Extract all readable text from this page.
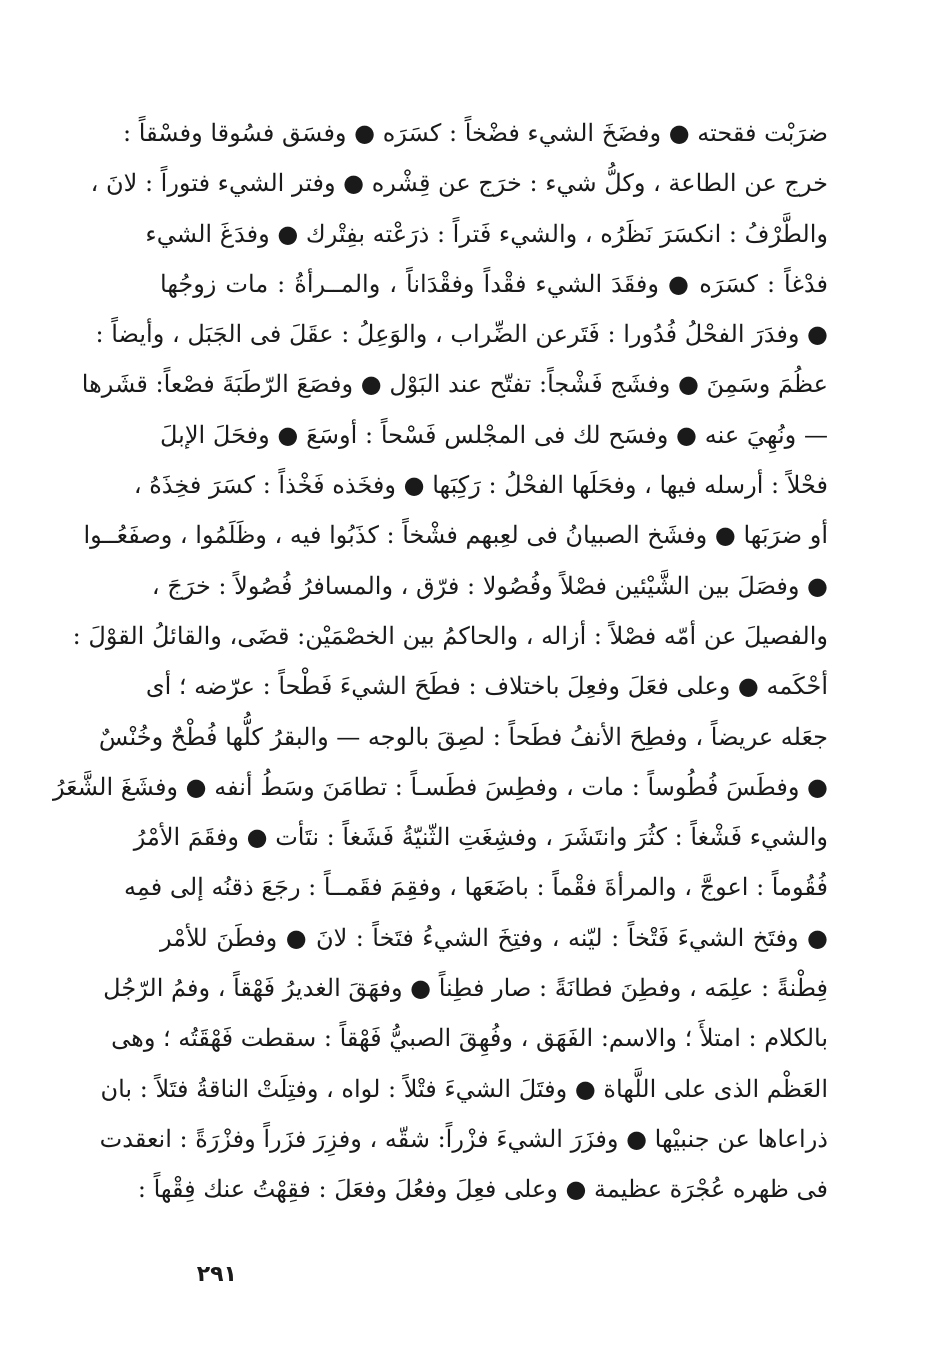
ضرَبْت فقحته ● وفضَخَ الشيء فضْخاً : كسَرَه ● وفسَق فسُوقا وفسْقاً :
خرج عن الطاعة ، وكلُّ شيء : خرَج عن قِشْره ● وفتر الشيء فتوراً : لانَ ،
والطَّرْفُ : انكسَرَ نَظَرُه ، والشيء فَتراً : ذرَعْته بفِتْرك ● وفدَغَ الشيء
فدْغاً : كسَرَه ● وفقَدَ الشيء فقْداً وفقْدَاناً ، والمــرأةُ : مات زوجُها
● وفدَرَ الفحْلُ فُدُورا : فَتَرعن الضِّراب ، والوَعِلُ : عقَلَ فى الجَبَل ، وأيضاً :
عظُمَ وسَمِنَ ● وفشَج فَشْجاً: تفتّح عند البَوْل ● وفصَعَ الرّطَبَةَ فصْعاً: قشَرها
— ونُهِيَ عنه ● وفسَح لك فى المجْلس فَسْحاً : أوسَعَ ● وفحَلَ الإبلَ
فحْلاً : أرسله فيها ، وفحَلَها الفحْلُ : رَكِبَها ● وفخَذه فَخْذاً : كسَرَ فخِذَهُ ،
أو ضرَبَها ● وفشَخ الصبيانُ فى لعِبهم فشْخاً : كذَبُوا فيه ، وظَلَمُوا ، وصفَعُــوا
● وفصَلَ بين الشَّيْئين فصْلاً وفُصُولا : فرّق ، والمسافرُ فُصُولاً : خرَجَ ،
والفصيلَ عن أمّه فصْلاً : أزاله ، والحاكمُ بين الخصْمَيْن: قضَى، والقائلُ القوْلَ :
أحْكَمه ● وعلى فعَلَ وفعِلَ باختلاف : فطَحَ الشيءَ فَطْحاً : عرّضه ؛ أى
جعَله عريضاً ، وفطِحَ الأنفُ فطَحاً : لصِقَ بالوجه — والبقرُ كلُّها فُطْحٌ وخُنْسٌ
● وفطَسَ فُطُوساً : مات ، وفطِسَ فطَسـاً : تطامَنَ وسَطُ أنفه ● وفشَغَ الشَّعَرُ
والشيء فَشْغاً : كثُرَ وانتَشَرَ ، وفشِغَتِ الثّنيّةُ فَشَغاً : نتَأت ● وفقَمَ الأمْرُ
فُقُوماً : اعوجَّ ، والمرأةَ فقْماً : باضَعَها ، وفقِمَ فقَمــاً : رجَعَ ذقنُه إلى فمِه
● وفتَخ الشيءَ فَتْخاً : ليّنه ، وفتِخَ الشيءُ فتَخاً : لانَ ● وفطَنَ للأمْر
فِطْنةً : علِمَه ، وفطِنَ فطانَةً : صار فطِناً ● وفهَقَ الغديرُ فَهْقاً ، وفمُ الرّجُل
بالكلام : امتلأَ ؛ والاسم: الفَهَق ، وفُهِقَ الصبيُّ فَهْقاً : سقطت فَهْقَتُه ؛ وهى
العَظْم الذى على اللَّهاة ● وفتَلَ الشيءَ فتْلاً : لواه ، وفتِلَتْ الناقةُ فتَلاً : بان
ذراعاها عن جنبيْها ● وفزَرَ الشيءَ فزْراً: شقّه ، وفزِرَ فزَراً وفزْرَةً : انعقدت
فى ظهره عُجْرَة عظيمة ● وعلى فعِلَ وفعُلَ وفعَلَ : فقِهْتُ عنك فِقْهاً :
٢٩١
